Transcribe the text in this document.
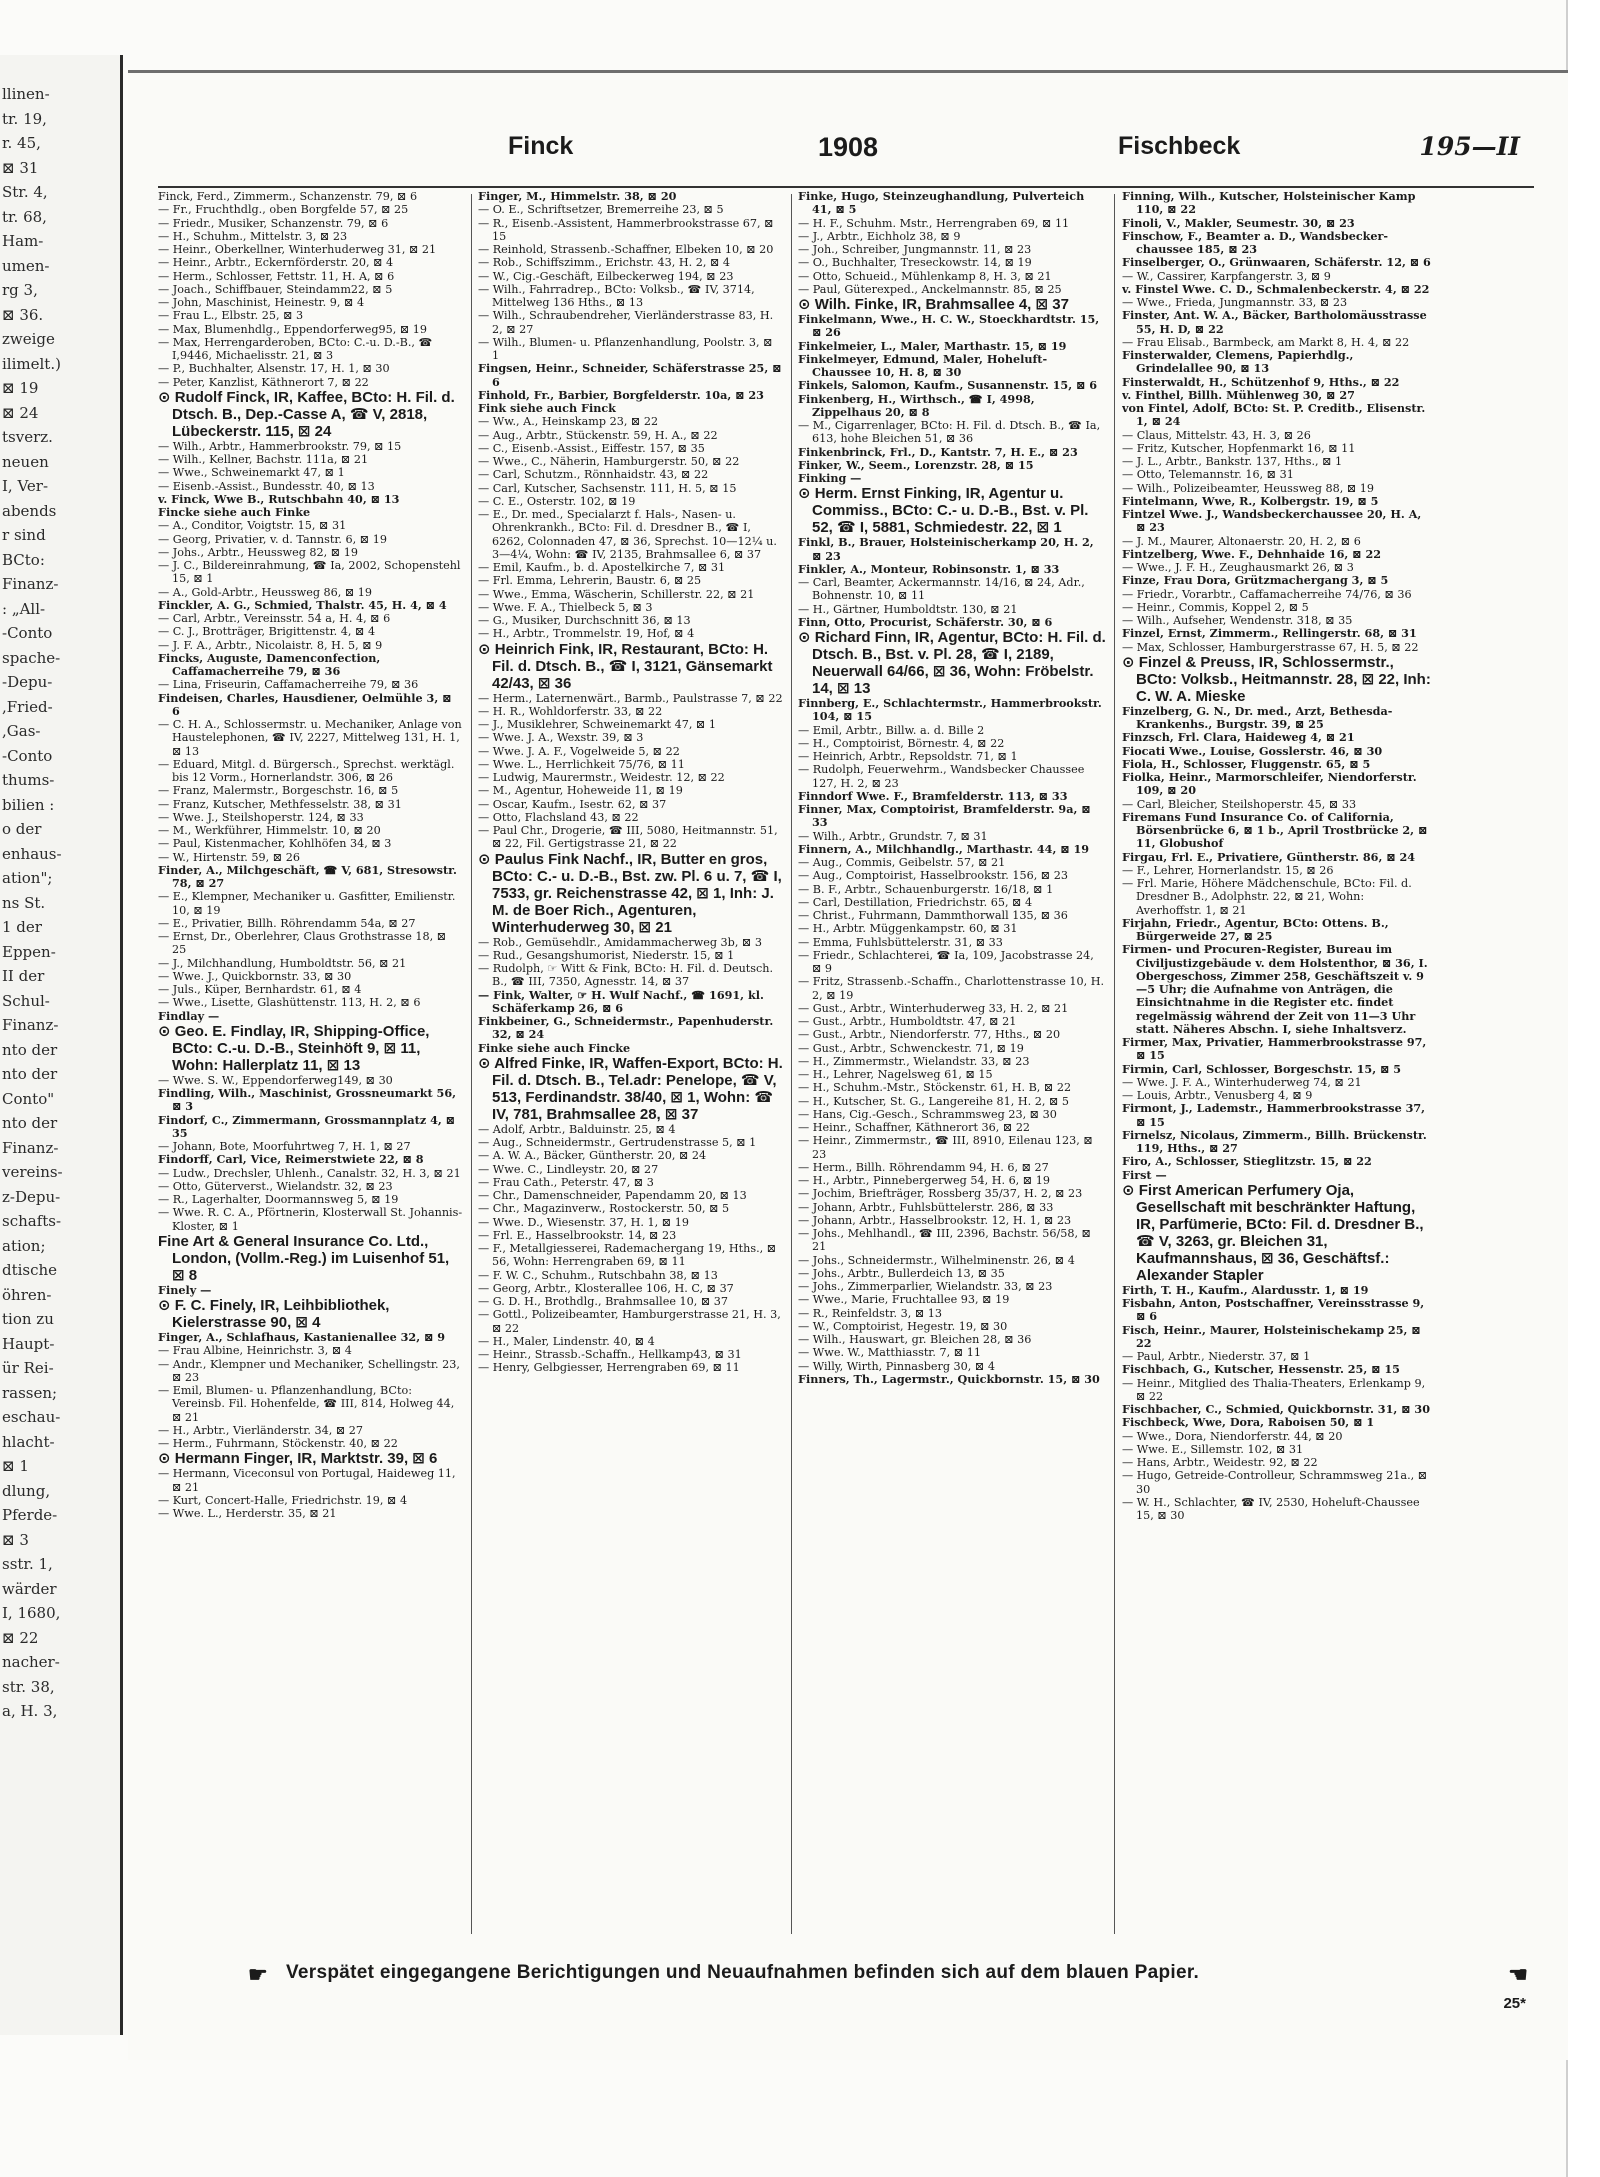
llinen-
tr. 19,
r. 45,
⊠ 31
Str. 4,
tr. 68,
Ham-
umen-
rg 3,
⊠ 36.
zweige
ilimelt.)
⊠ 19
⊠ 24
tsverz.
neuen
I, Ver-
abends
r sind
BCto:
Finanz-
: „All-
-Conto
spache-
-Depu-
,Fried-
,Gas-
-Conto
thums-
bilien :
o der
enhaus-
ation";
ns St.
1 der
Eppen-
II der
Schul-
Finanz-
nto der
nto der
Conto"
nto der
Finanz-
vereins-
z-Depu-
schafts-
ation;
dtische
öhren-
tion zu
Haupt-
ür Rei-
rassen;
eschau-
hlacht-
⊠ 1
dlung,
Pferde-
⊠ 3
sstr. 1,
wärder
I, 1680,
⊠ 22
nacher-
str. 38,
a, H. 3,
Finck	1908	Fischbeck	195—II

Finck, Ferd., Zimmerm., Schanzenstr. 79, ⊠ 6

— Fr., Fruchthdlg., oben Borgfelde 57, ⊠ 25

— Friedr., Musiker, Schanzenstr. 79, ⊠ 6

— H., Schuhm., Mittelstr. 3, ⊠ 23

— Heinr., Oberkellner, Winterhuderweg 31, ⊠ 21

— Heinr., Arbtr., Eckernförderstr. 20, ⊠ 4

— Herm., Schlosser, Fettstr. 11, H. A, ⊠ 6

— Joach., Schiffbauer, Steindamm22, ⊠ 5

— John, Maschinist, Heinestr. 9, ⊠ 4

— Frau L., Elbstr. 25, ⊠ 3

— Max, Blumenhdlg., Eppendorferweg95, ⊠ 19

— Max, Herrengarderoben, BCto: C.-u. D.-B., ☎ I,9446, Michaelisstr. 21, ⊠ 3

— P., Buchhalter, Alsenstr. 17, H. 1, ⊠ 30

— Peter, Kanzlist, Käthnerort 7, ⊠ 22

⊙ Rudolf Finck, IR, Kaffee, BCto: H. Fil. d. Dtsch. B., Dep.-Casse A, ☎ V, 2818, Lübeckerstr. 115, ⊠ 24

— Wilh., Arbtr., Hammerbrookstr. 79, ⊠ 15

— Wilh., Kellner, Bachstr. 111a, ⊠ 21

— Wwe., Schweinemarkt 47, ⊠ 1

— Eisenb.-Assist., Bundesstr. 40, ⊠ 13

v. Finck, Wwe B., Rutschbahn 40, ⊠ 13

Fincke siehe auch Finke

— A., Conditor, Voigtstr. 15, ⊠ 31

— Georg, Privatier, v. d. Tannstr. 6, ⊠ 19

— Johs., Arbtr., Heussweg 82, ⊠ 19

— J. C., Bildereinrahmung, ☎ Ia, 2002, Schopenstehl 15, ⊠ 1

— A., Gold-Arbtr., Heussweg 86, ⊠ 19

Finckler, A. G., Schmied, Thalstr. 45, H. 4, ⊠ 4

— Carl, Arbtr., Vereinsstr. 54 a, H. 4, ⊠ 6

— C. J., Brotträger, Brigittenstr. 4, ⊠ 4

— J. F. A., Arbtr., Nicolaistr. 8, H. 5, ⊠ 9

Fincks, Auguste, Damenconfection, Caffamacherreihe 79, ⊠ 36

— Lina, Friseurin, Caffamacherreihe 79, ⊠ 36

Findeisen, Charles, Hausdiener, Oelmühle 3, ⊠ 6

— C. H. A., Schlossermstr. u. Mechaniker, Anlage von Haustelephonen, ☎ IV, 2227, Mittelweg 131, H. 1, ⊠ 13

— Eduard, Mitgl. d. Bürgersch., Sprechst. werktägl. bis 12 Vorm., Hornerlandstr. 306, ⊠ 26

— Franz, Malermstr., Borgeschstr. 16, ⊠ 5

— Franz, Kutscher, Methfesselstr. 38, ⊠ 31

— Wwe. J., Steilshoperstr. 124, ⊠ 33

— M., Werkführer, Himmelstr. 10, ⊠ 20

— Paul, Kistenmacher, Kohlhöfen 34, ⊠ 3

— W., Hirtenstr. 59, ⊠ 26

Finder, A., Milchgeschäft, ☎ V, 681, Stresowstr. 78, ⊠ 27

— E., Klempner, Mechaniker u. Gasfitter, Emilienstr. 10, ⊠ 19

— E., Privatier, Billh. Röhrendamm 54a, ⊠ 27

— Ernst, Dr., Oberlehrer, Claus Grothstrasse 18, ⊠ 25

— J., Milchhandlung, Humboldtstr. 56, ⊠ 21

— Wwe. J., Quickbornstr. 33, ⊠ 30

— Juls., Küper, Bernhardstr. 61, ⊠ 4

— Wwe., Lisette, Glashüttenstr. 113, H. 2, ⊠ 6

Findlay —

⊙ Geo. E. Findlay, IR, Shipping-Office, BCto: C.-u. D.-B., Steinhöft 9, ⊠ 11, Wohn: Hallerplatz 11, ⊠ 13

— Wwe. S. W., Eppendorferweg149, ⊠ 30

Findling, Wilh., Maschinist, Grossneumarkt 56, ⊠ 3

Findorf, C., Zimmermann, Grossmannplatz 4, ⊠ 35

— Johann, Bote, Moorfuhrtweg 7, H. 1, ⊠ 27

Findorff, Carl, Vice, Reimerstwiete 22, ⊠ 8

— Ludw., Drechsler, Uhlenh., Canalstr. 32, H. 3, ⊠ 21

— Otto, Güterverst., Wielandstr. 32, ⊠ 23

— R., Lagerhalter, Doormannsweg 5, ⊠ 19

— Wwe. R. C. A., Pförtnerin, Klosterwall St. Johannis-Kloster, ⊠ 1

Fine Art & General Insurance Co. Ltd., London, (Vollm.-Reg.) im Luisenhof 51, ⊠ 8

Finely —

⊙ F. C. Finely, IR, Leihbibliothek, Kielerstrasse 90, ⊠ 4

Finger, A., Schlafhaus, Kastanienallee 32, ⊠ 9

— Frau Albine, Heinrichstr. 3, ⊠ 4

— Andr., Klempner und Mechaniker, Schellingstr. 23, ⊠ 23

— Emil, Blumen- u. Pflanzenhandlung, BCto: Vereinsb. Fil. Hohenfelde, ☎ III, 814, Holweg 44, ⊠ 21

— H., Arbtr., Vierländerstr. 34, ⊠ 27

— Herm., Fuhrmann, Stöckenstr. 40, ⊠ 22

⊙ Hermann Finger, IR, Marktstr. 39, ⊠ 6

— Hermann, Viceconsul von Portugal, Haideweg 11, ⊠ 21

— Kurt, Concert-Halle, Friedrichstr. 19, ⊠ 4

— Wwe. L., Herderstr. 35, ⊠ 21

Finger, M., Himmelstr. 38, ⊠ 20

— O. E., Schriftsetzer, Bremerreihe 23, ⊠ 5

— R., Eisenb.-Assistent, Hammerbrookstrasse 67, ⊠ 15

— Reinhold, Strassenb.-Schaffner, Elbeken 10, ⊠ 20

— Rob., Schiffszimm., Erichstr. 43, H. 2, ⊠ 4

— W., Cig.-Geschäft, Eilbeckerweg 194, ⊠ 23

— Wilh., Fahrradrep., BCto: Volksb., ☎ IV, 3714, Mittelweg 136 Hths., ⊠ 13

— Wilh., Schraubendreher, Vierländerstrasse 83, H. 2, ⊠ 27

— Wilh., Blumen- u. Pflanzenhandlung, Poolstr. 3, ⊠ 1

Fingsen, Heinr., Schneider, Schäferstrasse 25, ⊠ 6

Finhold, Fr., Barbier, Borgfelderstr. 10a, ⊠ 23

Fink siehe auch Finck

— Ww., A., Heinskamp 23, ⊠ 22

— Aug., Arbtr., Stückenstr. 59, H. A., ⊠ 22

— C., Eisenb.-Assist., Eiffestr. 157, ⊠ 35

— Wwe., C., Näherin, Hamburgerstr. 50, ⊠ 22

— Carl, Schutzm., Rönnhaidstr. 43, ⊠ 22

— Carl, Kutscher, Sachsenstr. 111, H. 5, ⊠ 15

— C. E., Osterstr. 102, ⊠ 19

— E., Dr. med., Specialarzt f. Hals-, Nasen- u. Ohrenkrankh., BCto: Fil. d. Dresdner B., ☎ I, 6262, Colonnaden 47, ⊠ 36, Sprechst. 10—12¼ u. 3—4¼, Wohn: ☎ IV, 2135, Brahmsallee 6, ⊠ 37

— Emil, Kaufm., b. d. Apostelkirche 7, ⊠ 31

— Frl. Emma, Lehrerin, Baustr. 6, ⊠ 25

— Wwe., Emma, Wäscherin, Schillerstr. 22, ⊠ 21

— Wwe. F. A., Thielbeck 5, ⊠ 3

— G., Musiker, Durchschnitt 36, ⊠ 13

— H., Arbtr., Trommelstr. 19, Hof, ⊠ 4

⊙ Heinrich Fink, IR, Restaurant, BCto: H. Fil. d. Dtsch. B., ☎ I, 3121, Gänsemarkt 42/43, ⊠ 36

— Herm., Laternenwärt., Barmb., Paulstrasse 7, ⊠ 22

— H. R., Wohldorferstr. 33, ⊠ 22

— J., Musiklehrer, Schweinemarkt 47, ⊠ 1

— Wwe. J. A., Wexstr. 39, ⊠ 3

— Wwe. J. A. F., Vogelweide 5, ⊠ 22

— Wwe. L., Herrlichkeit 75/76, ⊠ 11

— Ludwig, Maurermstr., Weidestr. 12, ⊠ 22

— M., Agentur, Hoheweide 11, ⊠ 19

— Oscar, Kaufm., Isestr. 62, ⊠ 37

— Otto, Flachsland 43, ⊠ 22

— Paul Chr., Drogerie, ☎ III, 5080, Heitmannstr. 51, ⊠ 22, Fil. Gertigstrasse 21, ⊠ 22

⊙ Paulus Fink Nachf., IR, Butter en gros, BCto: C.- u. D.-B., Bst. zw. Pl. 6 u. 7, ☎ I, 7533, gr. Reichenstrasse 42, ⊠ 1, Inh: J. M. de Boer Rich., Agenturen, Winterhuderweg 30, ⊠ 21

— Rob., Gemüsehdlr., Amidammacherweg 3b, ⊠ 3

— Rud., Gesangshumorist, Niederstr. 15, ⊠ 1

— Rudolph, ☞ Witt & Fink, BCto: H. Fil. d. Deutsch. B., ☎ III, 7350, Agnesstr. 14, ⊠ 37

— Fink, Walter, ☞ H. Wulf Nachf., ☎ 1691, kl. Schäferkamp 26, ⊠ 6

Finkbeiner, G., Schneidermstr., Papenhuderstr. 32, ⊠ 24

Finke siehe auch Fincke

⊙ Alfred Finke, IR, Waffen-Export, BCto: H. Fil. d. Dtsch. B., Tel.adr: Penelope, ☎ V, 513, Ferdinandstr. 38/40, ⊠ 1, Wohn: ☎ IV, 781, Brahmsallee 28, ⊠ 37

— Adolf, Arbtr., Balduinstr. 25, ⊠ 4

— Aug., Schneidermstr., Gertrudenstrasse 5, ⊠ 1

— A. W. A., Bäcker, Güntherstr. 20, ⊠ 24

— Wwe. C., Lindleystr. 20, ⊠ 27

— Frau Cath., Peterstr. 47, ⊠ 3

— Chr., Damenschneider, Papendamm 20, ⊠ 13

— Chr., Magazinverw., Rostockerstr. 50, ⊠ 5

— Wwe. D., Wiesenstr. 37, H. 1, ⊠ 19

— Frl. E., Hasselbrookstr. 14, ⊠ 23

— F., Metallgiesserei, Rademachergang 19, Hths., ⊠ 56, Wohn: Herrengraben 69, ⊠ 11

— F. W. C., Schuhm., Rutschbahn 38, ⊠ 13

— Georg, Arbtr., Klosterallee 106, H. C, ⊠ 37

— G. D. H., Brothdlg., Brahmsallee 10, ⊠ 37

— Gottl., Polizeibeamter, Hamburgerstrasse 21, H. 3, ⊠ 22

— H., Maler, Lindenstr. 40, ⊠ 4

— Heinr., Strassb.-Schaffn., Hellkamp43, ⊠ 31

— Henry, Gelbgiesser, Herrengraben 69, ⊠ 11

Finke, Hugo, Steinzeughandlung, Pulverteich 41, ⊠ 5

— H. F., Schuhm. Mstr., Herrengraben 69, ⊠ 11

— J., Arbtr., Eichholz 38, ⊠ 9

— Joh., Schreiber, Jungmannstr. 11, ⊠ 23

— O., Buchhalter, Treseckowstr. 14, ⊠ 19

— Otto, Schueid., Mühlenkamp 8, H. 3, ⊠ 21

— Paul, Güterexped., Anckelmannstr. 85, ⊠ 25

⊙ Wilh. Finke, IR, Brahmsallee 4, ⊠ 37

Finkelmann, Wwe., H. C. W., Stoeckhardtstr. 15, ⊠ 26

Finkelmeier, L., Maler, Marthastr. 15, ⊠ 19

Finkelmeyer, Edmund, Maler, Hoheluft-Chaussee 10, H. 8, ⊠ 30

Finkels, Salomon, Kaufm., Susannenstr. 15, ⊠ 6

Finkenberg, H., Wirthsch., ☎ I, 4998, Zippelhaus 20, ⊠ 8

— M., Cigarrenlager, BCto: H. Fil. d. Dtsch. B., ☎ Ia, 613, hohe Bleichen 51, ⊠ 36

Finkenbrinck, Frl., D., Kantstr. 7, H. E., ⊠ 23

Finker, W., Seem., Lorenzstr. 28, ⊠ 15

Finking —

⊙ Herm. Ernst Finking, IR, Agentur u. Commiss., BCto: C.- u. D.-B., Bst. v. Pl. 52, ☎ I, 5881, Schmiedestr. 22, ⊠ 1

Finkl, B., Brauer, Holsteinischerkamp 20, H. 2, ⊠ 23

Finkler, A., Monteur, Robinsonstr. 1, ⊠ 33

— Carl, Beamter, Ackermannstr. 14/16, ⊠ 24, Adr., Bohnenstr. 10, ⊠ 11

— H., Gärtner, Humboldtstr. 130, ⊠ 21

Finn, Otto, Procurist, Schäferstr. 30, ⊠ 6

⊙ Richard Finn, IR, Agentur, BCto: H. Fil. d. Dtsch. B., Bst. v. Pl. 28, ☎ I, 2189, Neuerwall 64/66, ⊠ 36, Wohn: Fröbelstr. 14, ⊠ 13

Finnberg, E., Schlachtermstr., Hammerbrookstr. 104, ⊠ 15

— Emil, Arbtr., Billw. a. d. Bille 2

— H., Comptoirist, Börnestr. 4, ⊠ 22

— Heinrich, Arbtr., Repsoldstr. 71, ⊠ 1

— Rudolph, Feuerwehrm., Wandsbecker Chaussee 127, H. 2, ⊠ 23

Finndorf Wwe. F., Bramfelderstr. 113, ⊠ 33

Finner, Max, Comptoirist, Bramfelderstr. 9a, ⊠ 33

— Wilh., Arbtr., Grundstr. 7, ⊠ 31

Finnern, A., Milchhandlg., Marthastr. 44, ⊠ 19

— Aug., Commis, Geibelstr. 57, ⊠ 21

— Aug., Comptoirist, Hasselbrookstr. 156, ⊠ 23

— B. F., Arbtr., Schauenburgerstr. 16/18, ⊠ 1

— Carl, Destillation, Friedrichstr. 65, ⊠ 4

— Christ., Fuhrmann, Dammthorwall 135, ⊠ 36

— H., Arbtr. Müggenkampstr. 60, ⊠ 31

— Emma, Fuhlsbüttelerstr. 31, ⊠ 33

— Friedr., Schlachterei, ☎ Ia, 109, Jacobstrasse 24, ⊠ 9

— Fritz, Strassenb.-Schaffn., Charlottenstrasse 10, H. 2, ⊠ 19

— Gust., Arbtr., Winterhuderweg 33, H. 2, ⊠ 21

— Gust., Arbtr., Humboldtstr. 47, ⊠ 21

— Gust., Arbtr., Niendorferstr. 77, Hths., ⊠ 20

— Gust., Arbtr., Schwenckestr. 71, ⊠ 19

— H., Zimmermstr., Wielandstr. 33, ⊠ 23

— H., Lehrer, Nagelsweg 61, ⊠ 15

— H., Schuhm.-Mstr., Stöckenstr. 61, H. B, ⊠ 22

— H., Kutscher, St. G., Langereihe 81, H. 2, ⊠ 5

— Hans, Cig.-Gesch., Schrammsweg 23, ⊠ 30

— Heinr., Schaffner, Käthnerort 36, ⊠ 22

— Heinr., Zimmermstr., ☎ III, 8910, Eilenau 123, ⊠ 23

— Herm., Billh. Röhrendamm 94, H. 6, ⊠ 27

— H., Arbtr., Pinnebergerweg 54, H. 6, ⊠ 19

— Jochim, Briefträger, Rossberg 35/37, H. 2, ⊠ 23

— Johann, Arbtr., Fuhlsbüttelerstr. 286, ⊠ 33

— Johann, Arbtr., Hasselbrookstr. 12, H. 1, ⊠ 23

— Johs., Mehlhandl., ☎ III, 2396, Bachstr. 56/58, ⊠ 21

— Johs., Schneidermstr., Wilhelminenstr. 26, ⊠ 4

— Johs., Arbtr., Bullerdeich 13, ⊠ 35

— Johs., Zimmerparlier, Wielandstr. 33, ⊠ 23

— Wwe., Marie, Fruchtallee 93, ⊠ 19

— R., Reinfeldstr. 3, ⊠ 13

— W., Comptoirist, Hegestr. 19, ⊠ 30

— Wilh., Hauswart, gr. Bleichen 28, ⊠ 36

— Wwe. W., Matthiasstr. 7, ⊠ 11

— Willy, Wirth, Pinnasberg 30, ⊠ 4

Finners, Th., Lagermstr., Quickbornstr. 15, ⊠ 30

Finning, Wilh., Kutscher, Holsteinischer Kamp 110, ⊠ 22

Finoli, V., Makler, Seumestr. 30, ⊠ 23

Finschow, F., Beamter a. D., Wandsbecker-chaussee 185, ⊠ 23

Finselberger, O., Grünwaaren, Schäferstr. 12, ⊠ 6

— W., Cassirer, Karpfangerstr. 3, ⊠ 9

v. Finstel Wwe. C. D., Schmalenbeckerstr. 4, ⊠ 22

— Wwe., Frieda, Jungmannstr. 33, ⊠ 23

Finster, Ant. W. A., Bäcker, Bartholomäusstrasse 55, H. D, ⊠ 22

— Frau Elisab., Barmbeck, am Markt 8, H. 4, ⊠ 22

Finsterwalder, Clemens, Papierhdlg., Grindelallee 90, ⊠ 13

Finsterwaldt, H., Schützenhof 9, Hths., ⊠ 22

v. Finthel, Billh. Mühlenweg 30, ⊠ 27

von Fintel, Adolf, BCto: St. P. Creditb., Elisenstr. 1, ⊠ 24

— Claus, Mittelstr. 43, H. 3, ⊠ 26

— Fritz, Kutscher, Hopfenmarkt 16, ⊠ 11

— J. L., Arbtr., Bankstr. 137, Hths., ⊠ 1

— Otto, Telemannstr. 16, ⊠ 31

— Wilh., Polizeibeamter, Heussweg 88, ⊠ 19

Fintelmann, Wwe, R., Kolbergstr. 19, ⊠ 5

Fintzel Wwe. J., Wandsbeckerchaussee 20, H. A, ⊠ 23

— J. M., Maurer, Altonaerstr. 20, H. 2, ⊠ 6

Fintzelberg, Wwe. F., Dehnhaide 16, ⊠ 22

— Wwe., J. F. H., Zeughausmarkt 26, ⊠ 3

Finze, Frau Dora, Grützmachergang 3, ⊠ 5

— Friedr., Vorarbtr., Caffamacherreihe 74/76, ⊠ 36

— Heinr., Commis, Koppel 2, ⊠ 5

— Wilh., Aufseher, Wendenstr. 318, ⊠ 35

Finzel, Ernst, Zimmerm., Rellingerstr. 68, ⊠ 31

— Max, Schlosser, Hamburgerstrasse 67, H. 5, ⊠ 22

⊙ Finzel & Preuss, IR, Schlossermstr., BCto: Volksb., Heitmannstr. 28, ⊠ 22, Inh: C. W. A. Mieske

Finzelberg, G. N., Dr. med., Arzt, Bethesda-Krankenhs., Burgstr. 39, ⊠ 25

Finzsch, Frl. Clara, Haideweg 4, ⊠ 21

Fiocati Wwe., Louise, Gosslerstr. 46, ⊠ 30

Fiola, H., Schlosser, Fluggenstr. 65, ⊠ 5

Fiolka, Heinr., Marmorschleifer, Niendorferstr. 109, ⊠ 20

— Carl, Bleicher, Steilshoperstr. 45, ⊠ 33

Firemans Fund Insurance Co. of California, Börsenbrücke 6, ⊠ 1 b., April Trostbrücke 2, ⊠ 11, Globushof

Firgau, Frl. E., Privatiere, Güntherstr. 86, ⊠ 24

— F., Lehrer, Hornerlandstr. 15, ⊠ 26

— Frl. Marie, Höhere Mädchenschule, BCto: Fil. d. Dresdner B., Adolphstr. 22, ⊠ 21, Wohn: Averhoffstr. 1, ⊠ 21

Firjahn, Friedr., Agentur, BCto: Ottens. B., Bürgerweide 27, ⊠ 25

Firmen- und Procuren-Register, Bureau im Civiljustizgebäude v. dem Holstenthor, ⊠ 36, I. Obergeschoss, Zimmer 258, Geschäftszeit v. 9—5 Uhr; die Aufnahme von Anträgen, die Einsichtnahme in die Register etc. findet regelmässig während der Zeit von 11—3 Uhr statt. Näheres Abschn. I, siehe Inhaltsverz.

Firmer, Max, Privatier, Hammerbrookstrasse 97, ⊠ 15

Firmin, Carl, Schlosser, Borgeschstr. 15, ⊠ 5

— Wwe. J. F. A., Winterhuderweg 74, ⊠ 21

— Louis, Arbtr., Venusberg 4, ⊠ 9

Firmont, J., Lademstr., Hammerbrookstrasse 37, ⊠ 15

Firnelsz, Nicolaus, Zimmerm., Billh. Brückenstr. 119, Hths., ⊠ 27

Firo, A., Schlosser, Stieglitzstr. 15, ⊠ 22

First —

⊙ First American Perfumery Oja, Gesellschaft mit beschränkter Haftung, IR, Parfümerie, BCto: Fil. d. Dresdner B., ☎ V, 3263, gr. Bleichen 31, Kaufmannshaus, ⊠ 36, Geschäftsf.: Alexander Stapler

Firth, T. H., Kaufm., Alardusstr. 1, ⊠ 19

Fisbahn, Anton, Postschaffner, Vereinsstrasse 9, ⊠ 6

Fisch, Heinr., Maurer, Holsteinischekamp 25, ⊠ 22

— Paul, Arbtr., Niederstr. 37, ⊠ 1

Fischbach, G., Kutscher, Hessenstr. 25, ⊠ 15

— Heinr., Mitglied des Thalia-Theaters, Erlenkamp 9, ⊠ 22

Fischbacher, C., Schmied, Quickbornstr. 31, ⊠ 30

Fischbeck, Wwe, Dora, Raboisen 50, ⊠ 1

— Wwe., Dora, Niendorferstr. 44, ⊠ 20

— Wwe. E., Sillemstr. 102, ⊠ 31

— Hans, Arbtr., Weidestr. 92, ⊠ 22

— Hugo, Getreide-Controlleur, Schrammsweg 21a., ⊠ 30

— W. H., Schlachter, ☎ IV, 2530, Hoheluft-Chaussee 15, ⊠ 30

☛ Verspätet eingegangene Berichtigungen und Neuaufnahmen befinden sich auf dem blauen Papier.	☚
25*
